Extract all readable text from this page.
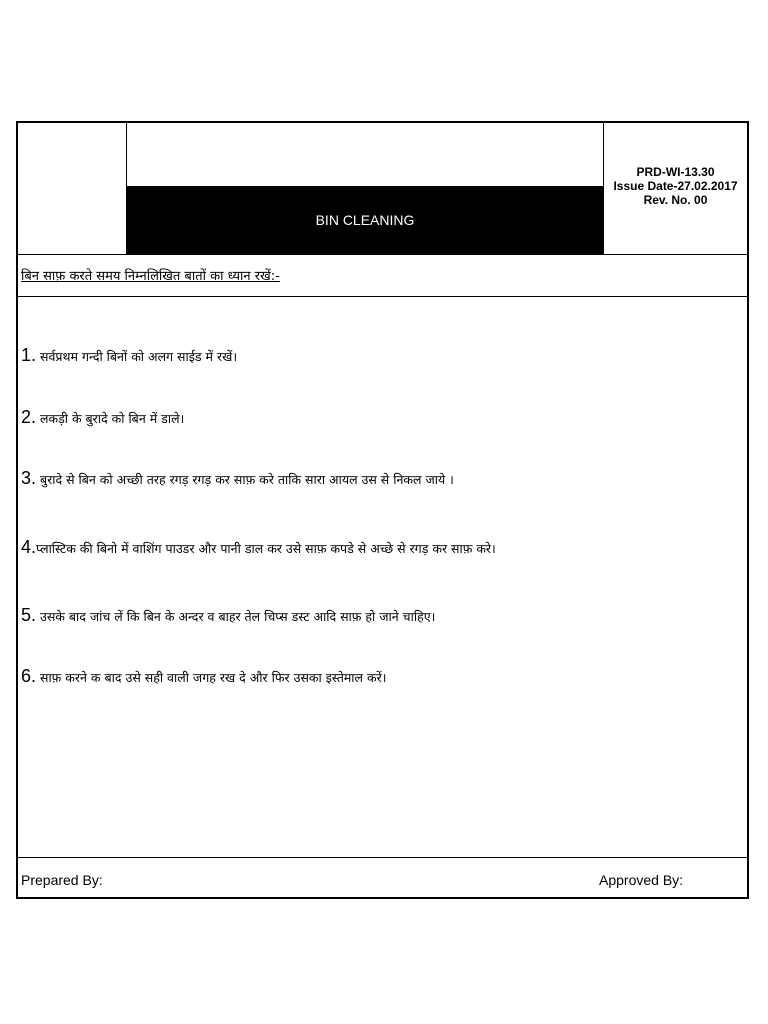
BIN CLEANING
PRD-WI-13.30
Issue Date-27.02.2017
Rev. No. 00
बिन साफ़ करते समय निम्नलिखित बातों का ध्यान रखें:-
1. सर्वप्रथम गन्दी बिनों को अलग साईड में रखें।
2. लकड़ी के बुरादे को बिन में डाले।
3. बुरादे से बिन को अच्छी तरह रगड़ रगड़ कर साफ़ करे ताकि सारा आयल उस से निकल जाये ।
4.प्लास्टिक की बिनो में वाशिंग पाउडर और पानी डाल कर उसे साफ़ कपडे से अच्छे से रगड़ कर साफ़ करे।
5. उसके बाद जांच लें कि बिन के अन्दर व बाहर तेल चिप्स डस्ट आदि साफ़ हो जाने चाहिए।
6. साफ़ करने क बाद उसे सही वाली जगह रख दे और फिर उसका इस्तेमाल करें।
Prepared By:	Approved By:
